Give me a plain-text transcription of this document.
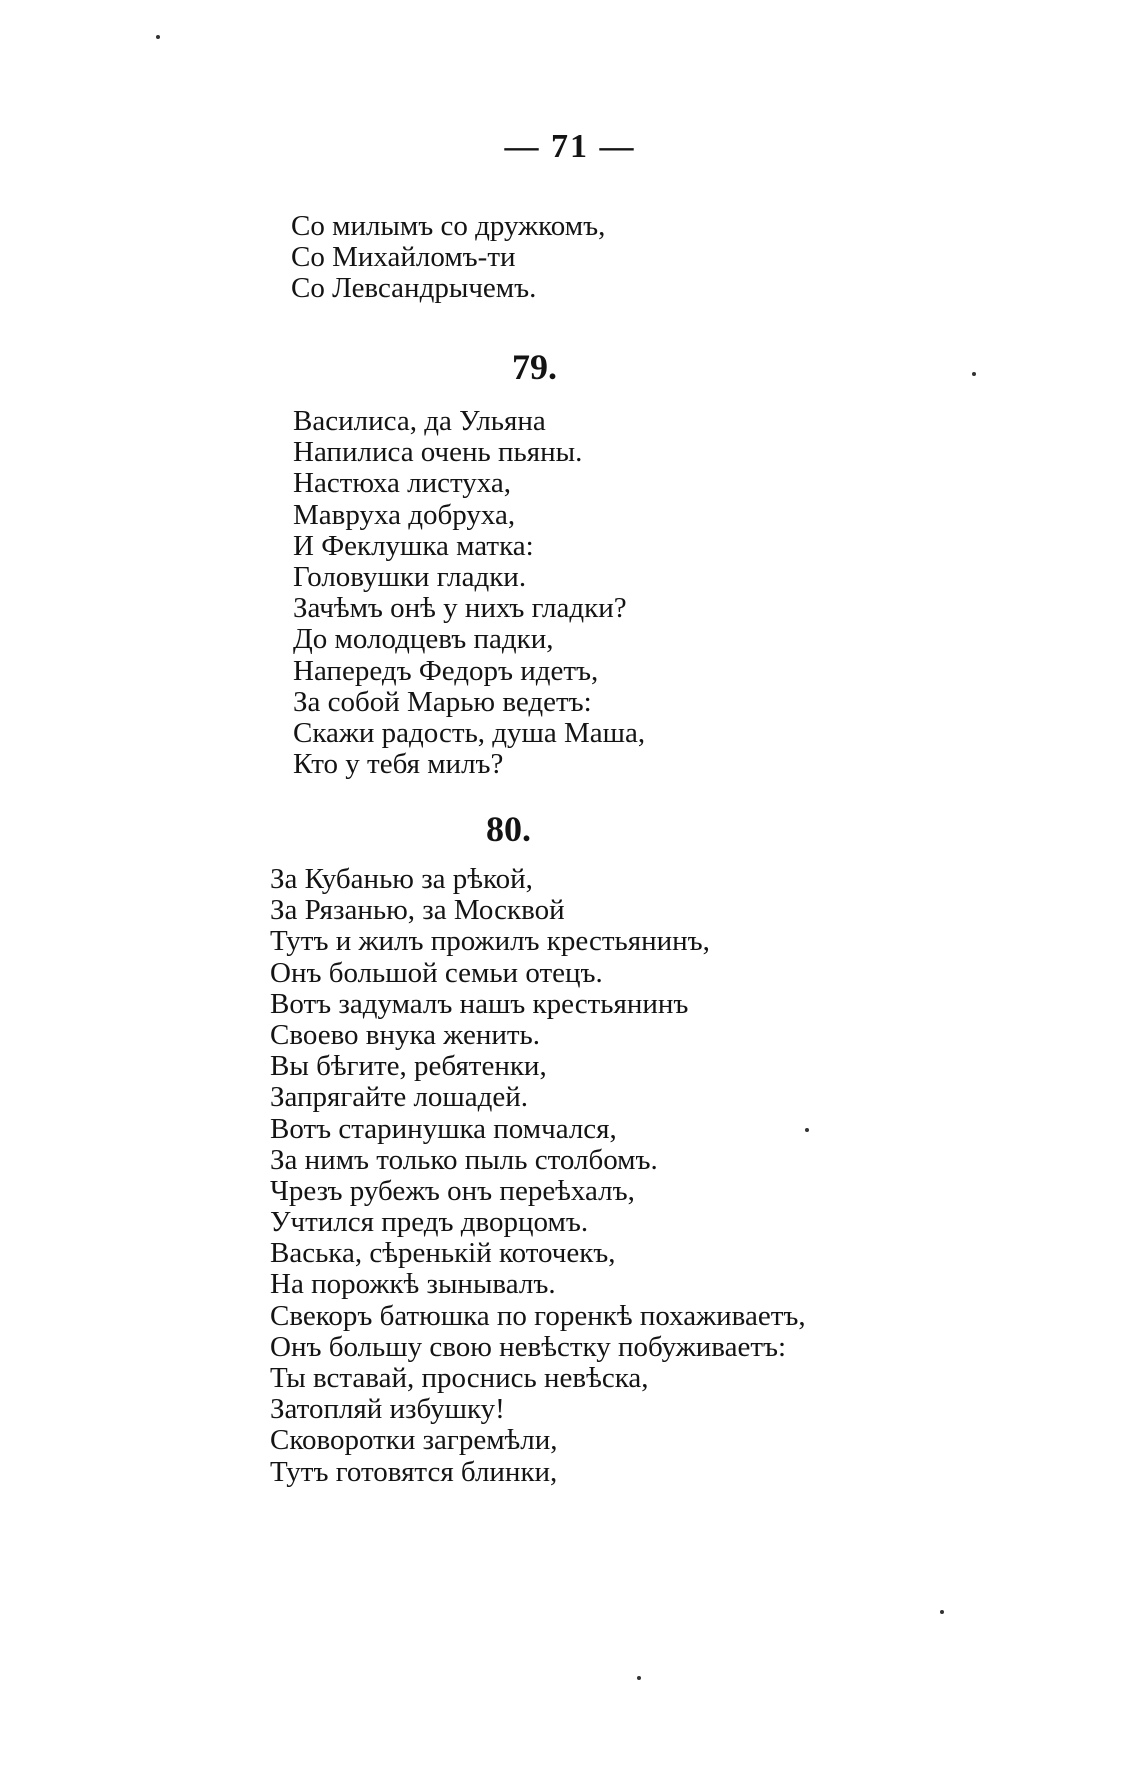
— 71 —
Со милымъ со дружкомъ,
Со Михайломъ-ти
Со Левсандрычемъ.
79.
Василиса, да Ульяна
Напилиса очень пьяны.
Настюха листуха,
Мавруха добруха,
И Феклушка матка:
Головушки гладки.
Зачѣмъ онѣ у нихъ гладки?
До молодцевъ падки,
Напередъ Федоръ идетъ,
За собой Марью ведетъ:
Скажи радость, душа Маша,
Кто у тебя милъ?
80.
За Кубанью за рѣкой,
За Рязанью, за Москвой
Тутъ и жилъ прожилъ крестьянинъ,
Онъ большой семьи отецъ.
Вотъ задумалъ нашъ крестьянинъ
Своево внука женить.
Вы бѣгите, ребятенки,
Запрягайте лошадей.
Вотъ старинушка помчался,
За нимъ только пыль столбомъ.
Чрезъ рубежъ онъ переѣхалъ,
Учтился предъ дворцомъ.
Васька, сѣренькій коточекъ,
На порожкѣ зынывалъ.
Свекоръ батюшка по горенкѣ похаживаетъ,
Онъ большу свою невѣстку побуживаетъ:
Ты вставай, проснись невѣска,
Затопляй избушку!
Сковоротки загремѣли,
Тутъ готовятся блинки,
